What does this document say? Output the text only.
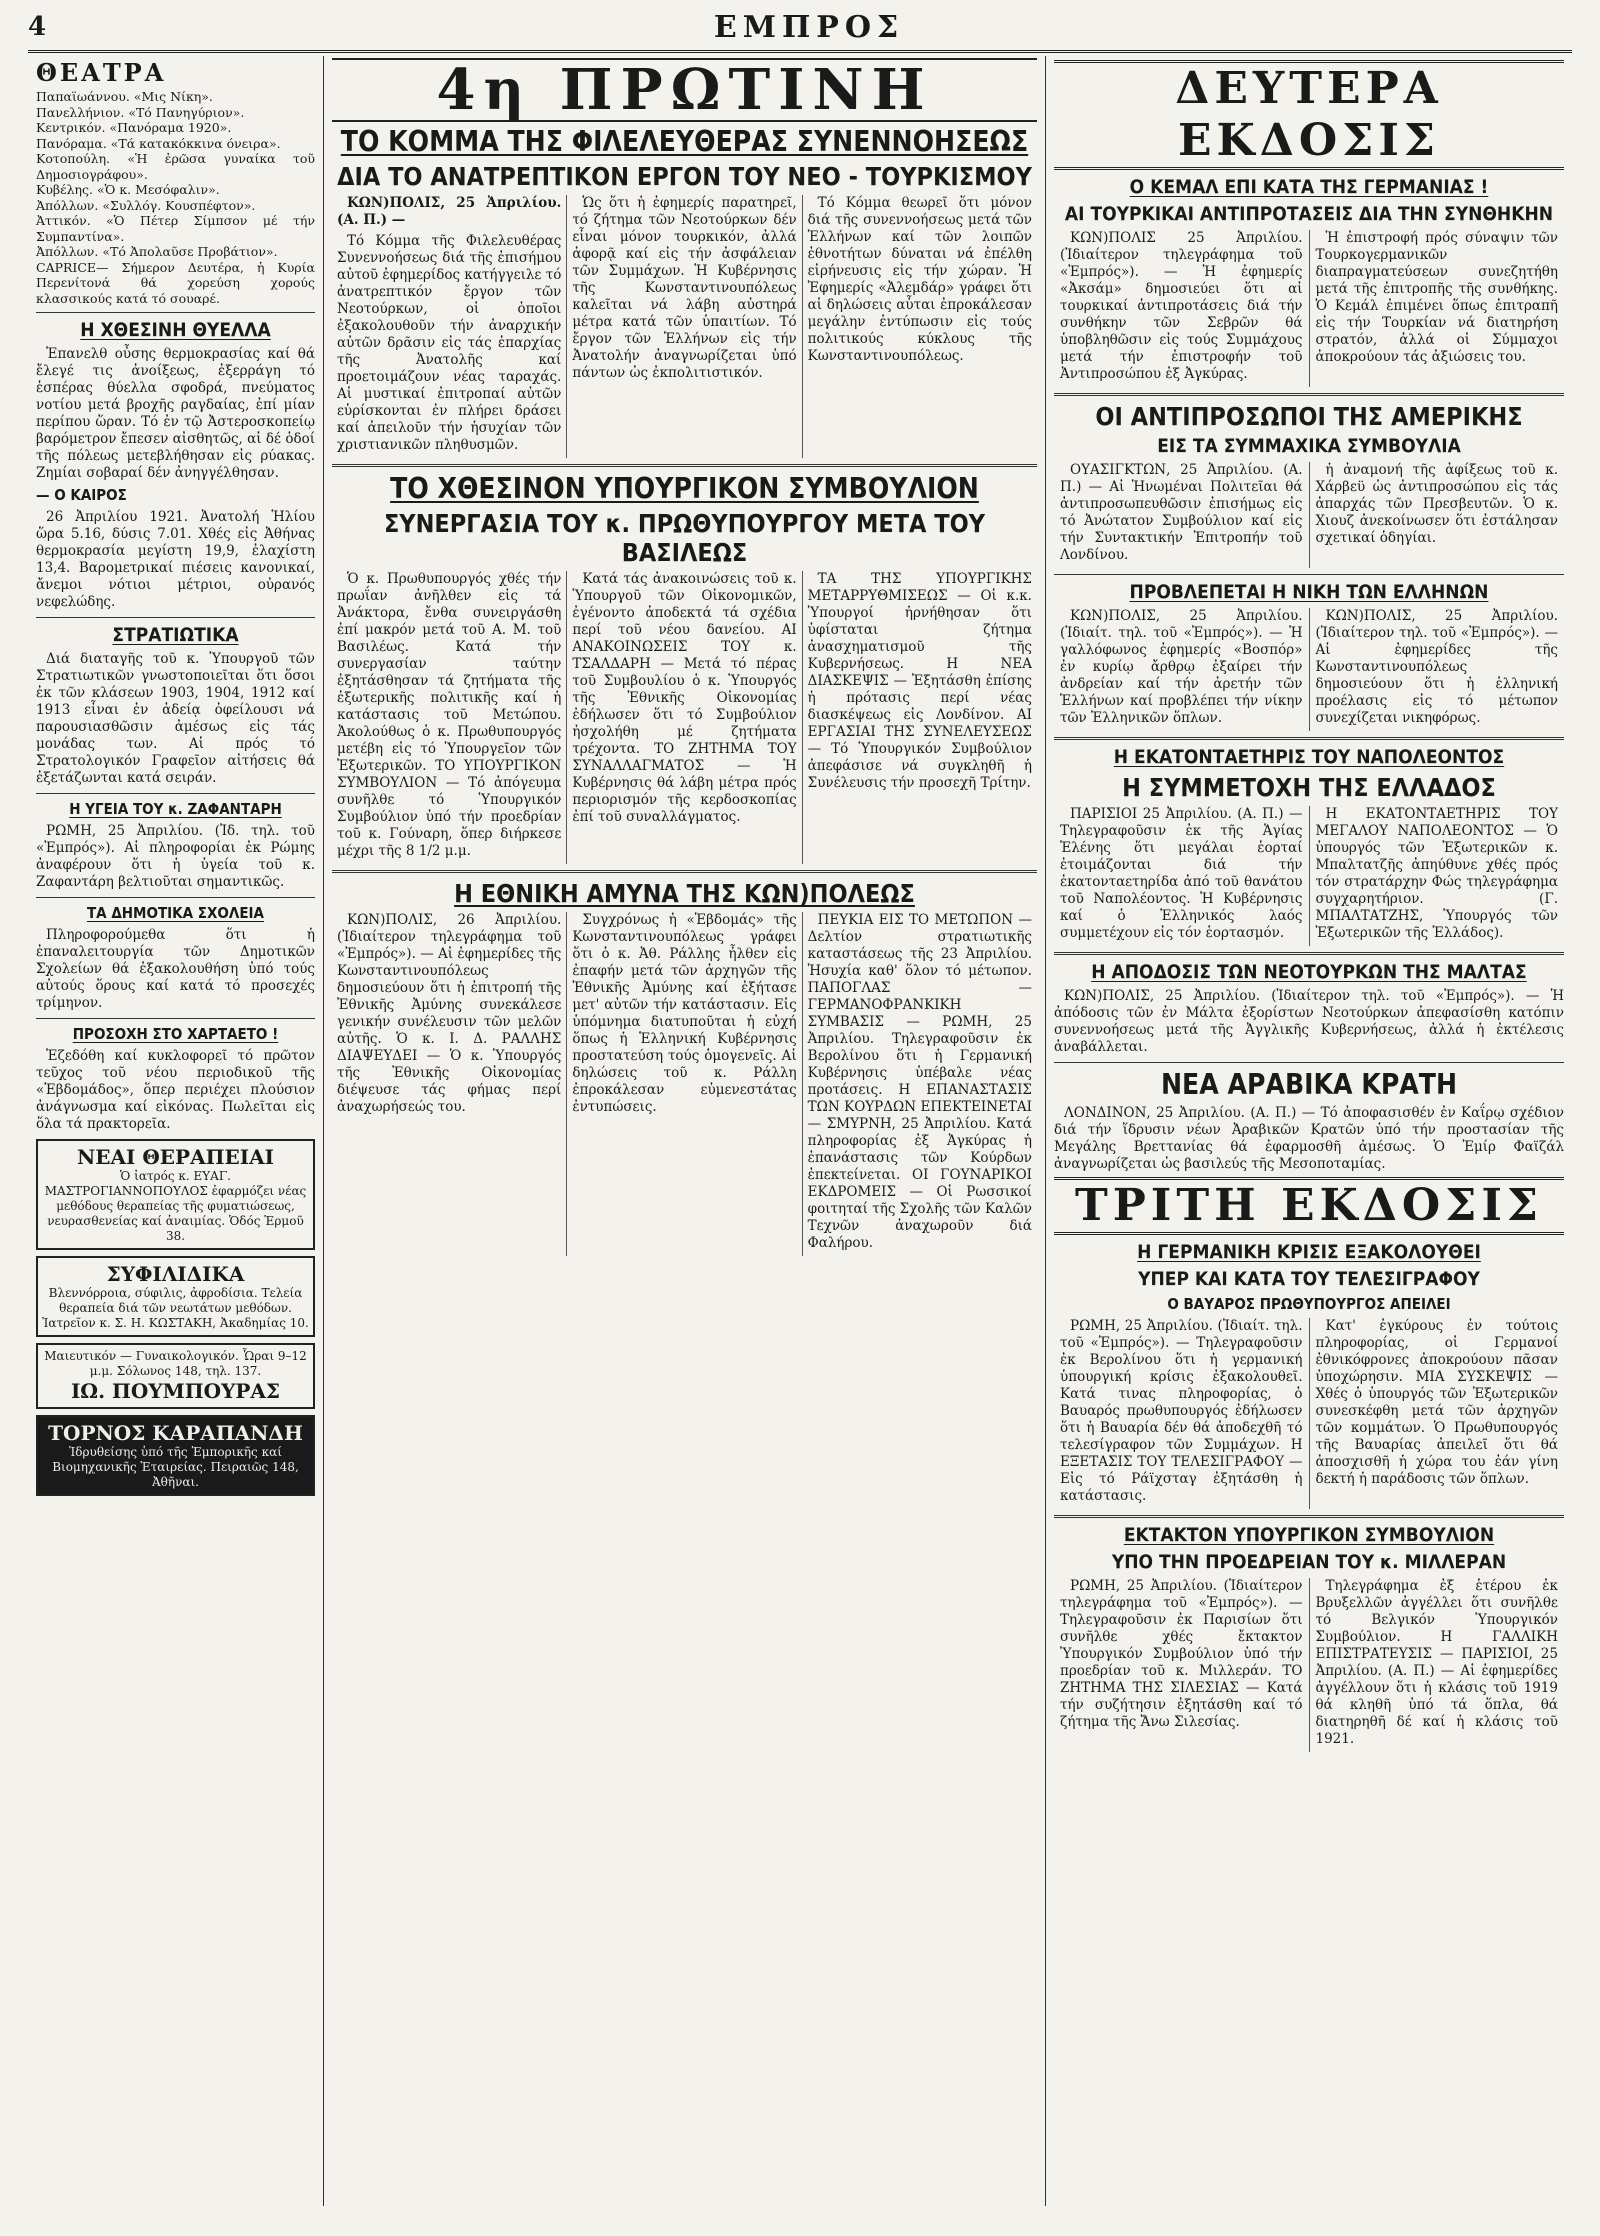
4	ΕΜΠΡΟΣ
ΘΕΑΤΡΑ

Παπαϊωάννου. «Μις Νίκη».

Πανελλήνιον. «Τό Πανηγύριον».

Κεντρικόν. «Πανόραμα 1920».

Πανόραμα. «Τά κατακόκκινα όνειρα».

Κοτοπούλη. «Ἡ ἐρῶσα γυναίκα τοῦ Δημοσιογράφου».

Κυβέλης. «Ὁ κ. Μεσόφαλιν».

Ἀπόλλων. «Συλλόγ. Κουσπέφτον».

Ἀττικόν. «Ὁ Πέτερ Σίμπσον μέ τήν Συμπαντίνα».

Ἀπόλλων. «Τό Ἀπολαῦσε Προβάτιον».

CAPRICE— Σήμερον Δευτέρα, ἡ Κυρία Περενίτονά θά χορεύση χορούς κλασσικούς κατά τό σουαρέ.

Η ΧΘΕΣΙΝΗ ΘΥΕΛΛΑ

Ἐπανελθ οὖσης θερμοκρασίας καί θά ἔλεγέ τις ἀνοίξεως, ἐξερράγη τό ἑσπέρας θύελλα σφοδρά, πνεύματος νοτίου μετά βροχῆς ραγδαίας, ἐπί μίαν περίπου ὥραν. Τό ἐν τῷ Ἀστεροσκοπείῳ βαρόμετρον ἔπεσεν αἰσθητῶς, αἱ δέ ὁδοί τῆς πόλεως μετεβλήθησαν εἰς ρύακας. Ζημίαι σοβαραί δέν ἀνηγγέλθησαν.

— Ο ΚΑΙΡΟΣ

26 Ἀπριλίου 1921. Ἀνατολή Ἡλίου ὥρα 5.16, δύσις 7.01. Χθές εἰς Ἀθήνας θερμοκρασία μεγίστη 19,9, ἐλαχίστη 13,4. Βαρομετρικαί πιέσεις κανονικαί, ἄνεμοι νότιοι μέτριοι, οὐρανός νεφελώδης.

ΣΤΡΑΤΙΩΤΙΚΑ

Διά διαταγῆς τοῦ κ. Ὑπουργοῦ τῶν Στρατιωτικῶν γνωστοποιεῖται ὅτι ὅσοι ἐκ τῶν κλάσεων 1903, 1904, 1912 καί 1913 εἶναι ἐν ἀδείᾳ ὀφείλουσι νά παρουσιασθῶσιν ἀμέσως εἰς τάς μονάδας των. Αἱ πρός τό Στρατολογικόν Γραφεῖον αἰτήσεις θά ἐξετάζωνται κατά σειράν.

Η ΥΓΕΙΑ ΤΟΥ κ. ΖΑΦΑΝΤΑΡΗ

ΡΩΜΗ, 25 Ἀπριλίου. (Ἰδ. τηλ. τοῦ «Ἐμπρός»). Αἱ πληροφορίαι ἐκ Ρώμης ἀναφέρουν ὅτι ἡ ὑγεία τοῦ κ. Ζαφαντάρη βελτιοῦται σημαντικῶς.

ΤΑ ΔΗΜΟΤΙΚΑ ΣΧΟΛΕΙΑ

Πληροφορούμεθα ὅτι ἡ ἐπαναλειτουργία τῶν Δημοτικῶν Σχολείων θά ἐξακολουθήση ὑπό τούς αὐτούς ὅρους καί κατά τό προσεχές τρίμηνον.

ΠΡΟΣΟΧΗ ΣΤΟ ΧΑΡΤΑΕΤΟ !

Ἐζεδόθη καί κυκλοφορεῖ τό πρῶτον τεῦχος τοῦ νέου περιοδικοῦ τῆς «Ἐβδομάδος», ὅπερ περιέχει πλούσιον ἀνάγνωσμα καί εἰκόνας. Πωλεῖται εἰς ὅλα τά πρακτορεῖα.

ΝΕΑΙ ΘΕΡΑΠΕΙΑΙ
Ὁ ἰατρός κ. ΕΥΑΓ. ΜΑΣΤΡΟΓΙΑΝΝΟΠΟΥΛΟΣ ἐφαρμόζει νέας μεθόδους θεραπείας τῆς φυματιώσεως, νευρασθενείας καί ἀναιμίας. Ὁδός Ἑρμοῦ 38.
ΣΥΦΙΛΙΔΙΚΑ
Βλεννόρροια, σύφιλις, ἀφροδίσια. Τελεία θεραπεία διά τῶν νεωτάτων μεθόδων. Ἰατρεῖον κ. Σ. Η. ΚΩΣΤΑΚΗ, Ἀκαδημίας 10.
Μαιευτικόν — Γυναικολογικόν. Ὧραι 9–12 μ.μ. Σόλωνος 148, τηλ. 137.
ΙΩ. ΠΟΥΜΠΟΥΡΑΣ
ΤΟΡΝΟΣ ΚΑΡΑΠΑΝΔΗ
Ἱδρυθείσης ὑπό τῆς Ἐμπορικῆς καί Βιομηχανικῆς Ἑταιρείας. Πειραιῶς 148, Ἀθῆναι.
4η ΠΡΩΤΙΝΗ
ΤΟ ΚΟΜΜΑ ΤΗΣ ΦΙΛΕΛΕΥΘΕΡΑΣ ΣΥΝΕΝΝΟΗΣΕΩΣ
ΔΙΑ ΤΟ ΑΝΑΤΡΕΠΤΙΚΟΝ ΕΡΓΟΝ ΤΟΥ ΝΕΟ - ΤΟΥΡΚΙΣΜΟΥ

ΚΩΝ)ΠΟΛΙΣ, 25 Ἀπριλίου. (Α. Π.) —

Τό Κόμμα τῆς Φιλελευθέρας Συνεννοήσεως διά τῆς ἐπισήμου αὐτοῦ ἐφημερίδος κατήγγειλε τό ἀνατρεπτικόν ἔργον τῶν Νεοτούρκων, οἱ ὁποῖοι ἐξακολουθοῦν τήν ἀναρχικήν αὐτῶν δρᾶσιν εἰς τάς ἐπαρχίας τῆς Ἀνατολῆς καί προετοιμάζουν νέας ταραχάς. Αἱ μυστικαί ἐπιτροπαί αὐτῶν εὑρίσκονται ἐν πλήρει δράσει καί ἀπειλοῦν τήν ἡσυχίαν τῶν χριστιανικῶν πληθυσμῶν.

Ὡς ὅτι ἡ ἐφημερίς παρατηρεῖ, τό ζήτημα τῶν Νεοτούρκων δέν εἶναι μόνον τουρκικόν, ἀλλά ἀφορᾷ καί εἰς τήν ἀσφάλειαν τῶν Συμμάχων. Ἡ Κυβέρνησις τῆς Κωνσταντινουπόλεως καλεῖται νά λάβη αὐστηρά μέτρα κατά τῶν ὑπαιτίων. Τό ἔργον τῶν Ἑλλήνων εἰς τήν Ἀνατολήν ἀναγνωρίζεται ὑπό πάντων ὡς ἐκπολιτιστικόν.

Τό Κόμμα θεωρεῖ ὅτι μόνον διά τῆς συνεννοήσεως μετά τῶν Ἑλλήνων καί τῶν λοιπῶν ἐθνοτήτων δύναται νά ἐπέλθη εἰρήνευσις εἰς τήν χώραν. Ἡ Ἐφημερίς «Ἀλεμδάρ» γράφει ὅτι αἱ δηλώσεις αὗται ἐπροκάλεσαν μεγάλην ἐντύπωσιν εἰς τούς πολιτικούς κύκλους τῆς Κωνσταντινουπόλεως.

ΤΟ ΧΘΕΣΙΝΟΝ ΥΠΟΥΡΓΙΚΟΝ ΣΥΜΒΟΥΛΙΟΝ
ΣΥΝΕΡΓΑΣΙΑ ΤΟΥ κ. ΠΡΩΘΥΠΟΥΡΓΟΥ ΜΕΤΑ ΤΟΥ ΒΑΣΙΛΕΩΣ

Ὁ κ. Πρωθυπουργός χθές τήν πρωΐαν ἀνῆλθεν εἰς τά Ἀνάκτορα, ἔνθα συνειργάσθη ἐπί μακρόν μετά τοῦ Α. Μ. τοῦ Βασιλέως. Κατά τήν συνεργασίαν ταύτην ἐξητάσθησαν τά ζητήματα τῆς ἐξωτερικῆς πολιτικῆς καί ἡ κατάστασις τοῦ Μετώπου. Ἀκολούθως ὁ κ. Πρωθυπουργός μετέβη εἰς τό Ὑπουργεῖον τῶν Ἐξωτερικῶν. ΤΟ ΥΠΟΥΡΓΙΚΟΝ ΣΥΜΒΟΥΛΙΟΝ — Τό ἀπόγευμα συνῆλθε τό Ὑπουργικόν Συμβούλιον ὑπό τήν προεδρίαν τοῦ κ. Γούναρη, ὅπερ διήρκεσε μέχρι τῆς 8 1/2 μ.μ.

Κατά τάς ἀνακοινώσεις τοῦ κ. Ὑπουργοῦ τῶν Οἰκονομικῶν, ἐγένοντο ἀποδεκτά τά σχέδια περί τοῦ νέου δανείου. ΑΙ ΑΝΑΚΟΙΝΩΣΕΙΣ ΤΟΥ κ. ΤΣΑΛΔΑΡΗ — Μετά τό πέρας τοῦ Συμβουλίου ὁ κ. Ὑπουργός τῆς Ἐθνικῆς Οἰκονομίας ἐδήλωσεν ὅτι τό Συμβούλιον ἠσχολήθη μέ ζητήματα τρέχοντα. ΤΟ ΖΗΤΗΜΑ ΤΟΥ ΣΥΝΑΛΛΑΓΜΑΤΟΣ — Ἡ Κυβέρνησις θά λάβη μέτρα πρός περιορισμόν τῆς κερδοσκοπίας ἐπί τοῦ συναλλάγματος.

ΤΑ ΤΗΣ ΥΠΟΥΡΓΙΚΗΣ ΜΕΤΑΡΡΥΘΜΙΣΕΩΣ — Οἱ κ.κ. Ὑπουργοί ἠρνήθησαν ὅτι ὑφίσταται ζήτημα ἀνασχηματισμοῦ τῆς Κυβερνήσεως. Η ΝΕΑ ΔΙΑΣΚΕΨΙΣ — Ἐξητάσθη ἐπίσης ἡ πρότασις περί νέας διασκέψεως εἰς Λονδίνον. ΑΙ ΕΡΓΑΣΙΑΙ ΤΗΣ ΣΥΝΕΛΕΥΣΕΩΣ — Τό Ὑπουργικόν Συμβούλιον ἀπεφάσισε νά συγκληθῆ ἡ Συνέλευσις τήν προσεχῆ Τρίτην.

Η ΕΘΝΙΚΗ ΑΜΥΝΑ ΤΗΣ ΚΩΝ)ΠΟΛΕΩΣ

ΚΩΝ)ΠΟΛΙΣ, 26 Ἀπριλίου. (Ἰδιαίτερον τηλεγράφημα τοῦ «Ἐμπρός»). — Αἱ ἐφημερίδες τῆς Κωνσταντινουπόλεως δημοσιεύουν ὅτι ἡ ἐπιτροπή τῆς Ἐθνικῆς Ἀμύνης συνεκάλεσε γενικήν συνέλευσιν τῶν μελῶν αὐτῆς. Ὁ κ. Ι. Δ. ΡΑΛΛΗΣ ΔΙΑΨΕΥΔΕΙ — Ὁ κ. Ὑπουργός τῆς Ἐθνικῆς Οἰκονομίας διέψευσε τάς φήμας περί ἀναχωρήσεώς του.

Συγχρόνως ἡ «Ἑβδομάς» τῆς Κωνσταντινουπόλεως γράφει ὅτι ὁ κ. Ἀθ. Ράλλης ἦλθεν εἰς ἐπαφήν μετά τῶν ἀρχηγῶν τῆς Ἐθνικῆς Ἀμύνης καί ἐξήτασε μετ' αὐτῶν τήν κατάστασιν. Εἰς ὑπόμνημα διατυποῦται ἡ εὐχή ὅπως ἡ Ἑλληνική Κυβέρνησις προστατεύση τούς ὁμογενεῖς. Αἱ δηλώσεις τοῦ κ. Ράλλη ἐπροκάλεσαν εὐμενεστάτας ἐντυπώσεις.

ΠΕΥΚΙΑ ΕΙΣ ΤΟ ΜΕΤΩΠΟΝ — Δελτίον στρατιωτικῆς καταστάσεως τῆς 23 Ἀπριλίου. Ἡσυχία καθ' ὅλον τό μέτωπον. ΠΑΠΟΓΛΑΣ — ΓΕΡΜΑΝΟΦΡΑΝΚΙΚΗ ΣΥΜΒΑΣΙΣ — ΡΩΜΗ, 25 Ἀπριλίου. Τηλεγραφοῦσιν ἐκ Βερολίνου ὅτι ἡ Γερμανική Κυβέρνησις ὑπέβαλε νέας προτάσεις. Η ΕΠΑΝΑΣΤΑΣΙΣ ΤΩΝ ΚΟΥΡΔΩΝ ΕΠΕΚΤΕΙΝΕΤΑΙ — ΣΜΥΡΝΗ, 25 Ἀπριλίου. Κατά πληροφορίας ἐξ Ἀγκύρας ἡ ἐπανάστασις τῶν Κούρδων ἐπεκτείνεται. ΟΙ ΓΟΥΝΑΡΙΚΟΙ ΕΚΔΡΟΜΕΙΣ — Οἱ Ρωσσικοί φοιτηταί τῆς Σχολῆς τῶν Καλῶν Τεχνῶν ἀναχωροῦν διά Φαλήρου.

ΔΕΥΤΕΡΑ ΕΚΔΟΣΙΣ
Ο ΚΕΜΑΛ ΕΠΙ ΚΑΤΑ ΤΗΣ ΓΕΡΜΑΝΙΑΣ !
ΑΙ ΤΟΥΡΚΙΚΑΙ ΑΝΤΙΠΡΟΤΑΣΕΙΣ ΔΙΑ ΤΗΝ ΣΥΝΘΗΚΗΝ

ΚΩΝ)ΠΟΛΙΣ 25 Ἀπριλίου. (Ἰδιαίτερον τηλεγράφημα τοῦ «Ἐμπρός»). — Ἡ ἐφημερίς «Ἀκσάμ» δημοσιεύει ὅτι αἱ τουρκικαί ἀντιπροτάσεις διά τήν συνθήκην τῶν Σεβρῶν θά ὑποβληθῶσιν εἰς τούς Συμμάχους μετά τήν ἐπιστροφήν τοῦ Ἀντιπροσώπου ἐξ Ἀγκύρας.

Ἡ ἐπιστροφή πρός σύναψιν τῶν Τουρκογερμανικῶν διαπραγματεύσεων συνεζητήθη μετά τῆς ἐπιτροπῆς τῆς συνθήκης. Ὁ Κεμάλ ἐπιμένει ὅπως ἐπιτραπῆ εἰς τήν Τουρκίαν νά διατηρήση στρατόν, ἀλλά οἱ Σύμμαχοι ἀποκρούουν τάς ἀξιώσεις του.

ΟΙ ΑΝΤΙΠΡΟΣΩΠΟΙ ΤΗΣ ΑΜΕΡΙΚΗΣ
ΕΙΣ ΤΑ ΣΥΜΜΑΧΙΚΑ ΣΥΜΒΟΥΛΙΑ

ΟΥΑΣΙΓΚΤΩΝ, 25 Ἀπριλίου. (Α. Π.) — Αἱ Ἡνωμέναι Πολιτεῖαι θά ἀντιπροσωπευθῶσιν ἐπισήμως εἰς τό Ἀνώτατον Συμβούλιον καί εἰς τήν Συντακτικήν Ἐπιτροπήν τοῦ Λονδίνου.

ἡ ἀναμονή τῆς ἀφίξεως τοῦ κ. Χάρβεϋ ὡς ἀντιπροσώπου εἰς τάς ἀπαρχάς τῶν Πρεσβευτῶν. Ὁ κ. Χιουζ ἀνεκοίνωσεν ὅτι ἐστάλησαν σχετικαί ὁδηγίαι.

ΠΡΟΒΛΕΠΕΤΑΙ Η ΝΙΚΗ ΤΩΝ ΕΛΛΗΝΩΝ

ΚΩΝ)ΠΟΛΙΣ, 25 Ἀπριλίου. (Ἰδιαίτ. τηλ. τοῦ «Ἐμπρός»). — Ἡ γαλλόφωνος ἐφημερίς «Βοσπόρ» ἐν κυρίῳ ἄρθρῳ ἐξαίρει τήν ἀνδρείαν καί τήν ἀρετήν τῶν Ἑλλήνων καί προβλέπει τήν νίκην τῶν Ἑλληνικῶν ὅπλων.

ΚΩΝ)ΠΟΛΙΣ, 25 Ἀπριλίου. (Ἰδιαίτερον τηλ. τοῦ «Ἐμπρός»). — Αἱ ἐφημερίδες τῆς Κωνσταντινουπόλεως δημοσιεύουν ὅτι ἡ ἑλληνική προέλασις εἰς τό μέτωπον συνεχίζεται νικηφόρως.

Η ΕΚΑΤΟΝΤΑΕΤΗΡΙΣ ΤΟΥ ΝΑΠΟΛΕΟΝΤΟΣ
Η ΣΥΜΜΕΤΟΧΗ ΤΗΣ ΕΛΛΑΔΟΣ

ΠΑΡΙΣΙΟΙ 25 Ἀπριλίου. (Α. Π.) — Τηλεγραφοῦσιν ἐκ τῆς Ἁγίας Ἑλένης ὅτι μεγάλαι ἑορταί ἐτοιμάζονται διά τήν ἐκατονταετηρίδα ἀπό τοῦ θανάτου τοῦ Ναπολέοντος. Ἡ Κυβέρνησις καί ὁ Ἑλληνικός λαός συμμετέχουν εἰς τόν ἑορτασμόν.

Η ΕΚΑΤΟΝΤΑΕΤΗΡΙΣ ΤΟΥ ΜΕΓΑΛΟΥ ΝΑΠΟΛΕΟΝΤΟΣ — Ὁ ὑπουργός τῶν Ἐξωτερικῶν κ. Μπαλτατζῆς ἀπηύθυνε χθές πρός τόν στρατάρχην Φώς τηλεγράφημα συγχαρητήριον. (Γ. ΜΠΑΛΤΑΤΖΗΣ, Ὑπουργός τῶν Ἐξωτερικῶν τῆς Ἑλλάδος).

Η ΑΠΟΔΟΣΙΣ ΤΩΝ ΝΕΟΤΟΥΡΚΩΝ ΤΗΣ ΜΑΛΤΑΣ

ΚΩΝ)ΠΟΛΙΣ, 25 Ἀπριλίου. (Ἰδιαίτερον τηλ. τοῦ «Ἐμπρός»). — Ἡ ἀπόδοσις τῶν ἐν Μάλτα ἐξορίστων Νεοτούρκων ἀπεφασίσθη κατόπιν συνεννοήσεως μετά τῆς Ἀγγλικῆς Κυβερνήσεως, ἀλλά ἡ ἐκτέλεσις ἀναβάλλεται.

ΝΕΑ ΑΡΑΒΙΚΑ ΚΡΑΤΗ

ΛΟΝΔΙΝΟΝ, 25 Ἀπριλίου. (Α. Π.) — Τό ἀποφασισθέν ἐν Καΐρῳ σχέδιον διά τήν ἵδρυσιν νέων Ἀραβικῶν Κρατῶν ὑπό τήν προστασίαν τῆς Μεγάλης Βρεττανίας θά ἐφαρμοσθῆ ἀμέσως. Ὁ Ἐμίρ Φαϊζάλ ἀναγνωρίζεται ὡς βασιλεύς τῆς Μεσοποταμίας.

ΤΡΙΤΗ ΕΚΔΟΣΙΣ
Η ΓΕΡΜΑΝΙΚΗ ΚΡΙΣΙΣ ΕΞΑΚΟΛΟΥΘΕΙ
ΥΠΕΡ ΚΑΙ ΚΑΤΑ ΤΟΥ ΤΕΛΕΣΙΓΡΑΦΟΥ
Ο ΒΑΥΑΡΟΣ ΠΡΩΘΥΠΟΥΡΓΟΣ ΑΠΕΙΛΕΙ

ΡΩΜΗ, 25 Ἀπριλίου. (Ἰδιαίτ. τηλ. τοῦ «Ἐμπρός»). — Τηλεγραφοῦσιν ἐκ Βερολίνου ὅτι ἡ γερμανική ὑπουργική κρίσις ἐξακολουθεῖ. Κατά τινας πληροφορίας, ὁ Βαυαρός πρωθυπουργός ἐδήλωσεν ὅτι ἡ Βαυαρία δέν θά ἀποδεχθῆ τό τελεσίγραφον τῶν Συμμάχων. Η ΕΞΕΤΑΣΙΣ ΤΟΥ ΤΕΛΕΣΙΓΡΑΦΟΥ — Εἰς τό Ράϊχσταγ ἐξητάσθη ἡ κατάστασις.

Κατ' ἐγκύρους ἐν τούτοις πληροφορίας, οἱ Γερμανοί ἐθνικόφρονες ἀποκρούουν πᾶσαν ὑποχώρησιν. ΜΙΑ ΣΥΣΚΕΨΙΣ — Χθές ὁ ὑπουργός τῶν Ἐξωτερικῶν συνεσκέφθη μετά τῶν ἀρχηγῶν τῶν κομμάτων. Ὁ Πρωθυπουργός τῆς Βαυαρίας ἀπειλεῖ ὅτι θά ἀποσχισθῆ ἡ χώρα του ἐάν γίνη δεκτή ἡ παράδοσις τῶν ὅπλων.

ΕΚΤΑΚΤΟΝ ΥΠΟΥΡΓΙΚΟΝ ΣΥΜΒΟΥΛΙΟΝ
ΥΠΟ ΤΗΝ ΠΡΟΕΔΡΕΙΑΝ ΤΟΥ κ. ΜΙΛΛΕΡΑΝ

ΡΩΜΗ, 25 Ἀπριλίου. (Ἰδιαίτερον τηλεγράφημα τοῦ «Ἐμπρός»). — Τηλεγραφοῦσιν ἐκ Παρισίων ὅτι συνῆλθε χθές ἔκτακτον Ὑπουργικόν Συμβούλιον ὑπό τήν προεδρίαν τοῦ κ. Μιλλεράν. ΤΟ ΖΗΤΗΜΑ ΤΗΣ ΣΙΛΕΣΙΑΣ — Κατά τήν συζήτησιν ἐξητάσθη καί τό ζήτημα τῆς Ἄνω Σιλεσίας.

Τηλεγράφημα ἐξ ἑτέρου ἐκ Βρυξελλῶν ἀγγέλλει ὅτι συνῆλθε τό Βελγικόν Ὑπουργικόν Συμβούλιον. Η ΓΑΛΛΙΚΗ ΕΠΙΣΤΡΑΤΕΥΣΙΣ — ΠΑΡΙΣΙΟΙ, 25 Ἀπριλίου. (Α. Π.) — Αἱ ἐφημερίδες ἀγγέλλουν ὅτι ἡ κλάσις τοῦ 1919 θά κληθῆ ὑπό τά ὅπλα, θά διατηρηθῆ δέ καί ἡ κλάσις τοῦ 1921.
